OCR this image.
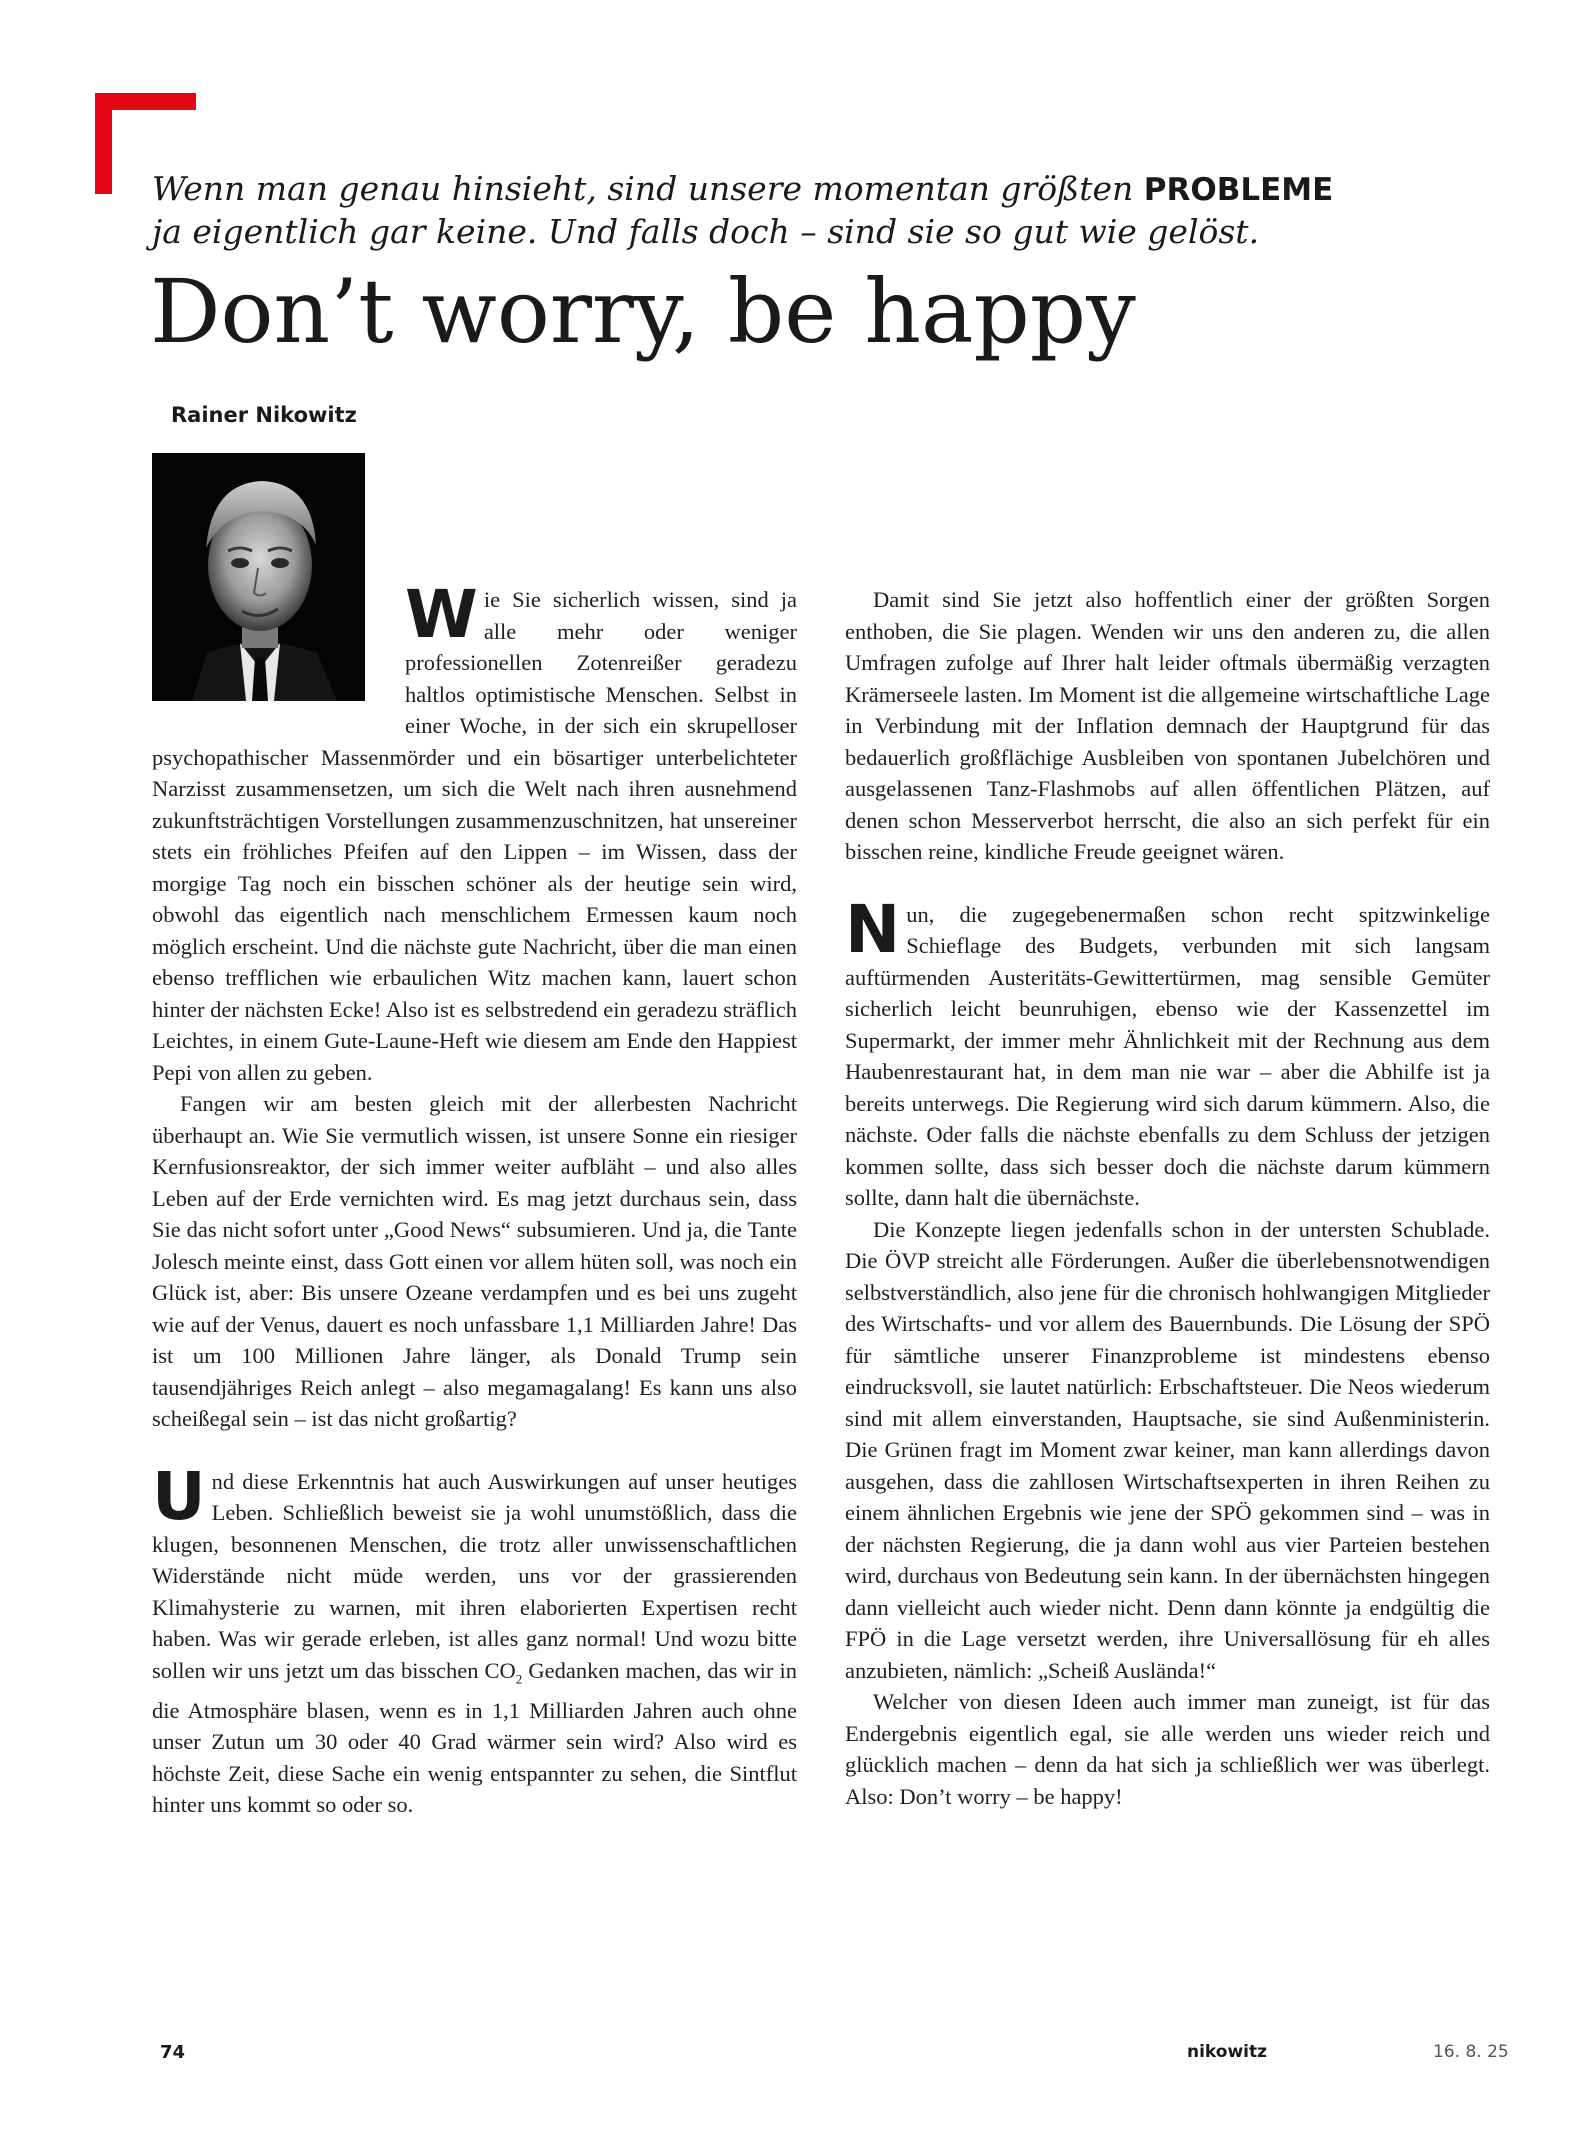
Wenn man genau hinsieht, sind unsere momentan größten PROBLEME
ja eigentlich gar keine. Und falls doch – sind sie so gut wie gelöst.
Don’t worry, be happy
Rainer Nikowitz

Wie Sie sicherlich wissen, sind ja alle mehr oder weniger professionellen Zotenreißer geradezu haltlos optimistische Menschen. Selbst in einer Woche, in der sich ein skrupelloser psychopathischer Massenmörder und ein bösartiger unterbelichteter Narzisst zusammensetzen, um sich die Welt nach ihren ausnehmend zukunftsträchtigen Vorstellungen zusammenzuschnitzen, hat unsereiner stets ein fröhliches Pfeifen auf den Lippen – im Wissen, dass der morgige Tag noch ein bisschen schöner als der heutige sein wird, obwohl das eigentlich nach menschlichem Ermessen kaum noch möglich erscheint. Und die nächste gute Nachricht, über die man einen ebenso trefflichen wie erbaulichen Witz machen kann, lauert schon hinter der nächsten Ecke! Also ist es selbstredend ein geradezu sträflich Leichtes, in einem Gute-Laune-Heft wie diesem am Ende den Happiest Pepi von allen zu geben.

Fangen wir am besten gleich mit der allerbesten Nachricht überhaupt an. Wie Sie vermutlich wissen, ist unsere Sonne ein riesiger Kernfusionsreaktor, der sich immer weiter aufbläht – und also alles Leben auf der Erde vernichten wird. Es mag jetzt durchaus sein, dass Sie das nicht sofort unter „Good News“ subsumieren. Und ja, die Tante Jolesch meinte einst, dass Gott einen vor allem hüten soll, was noch ein Glück ist, aber: Bis unsere Ozeane verdampfen und es bei uns zugeht wie auf der Venus, dauert es noch unfassbare 1,1 Milliarden Jahre! Das ist um 100 Millionen Jahre länger, als Donald Trump sein tausendjähriges Reich anlegt – also megamagalang! Es kann uns also scheißegal sein – ist das nicht großartig?

Und diese Erkenntnis hat auch Auswirkungen auf unser heutiges Leben. Schließlich beweist sie ja wohl unumstößlich, dass die klugen, besonnenen Menschen, die trotz aller unwissenschaftlichen Widerstände nicht müde werden, uns vor der grassierenden Klimahysterie zu warnen, mit ihren elaborierten Expertisen recht haben. Was wir gerade erleben, ist alles ganz normal! Und wozu bitte sollen wir uns jetzt um das bisschen $CO_2$ Gedanken machen, das wir in die Atmosphäre blasen, wenn es in 1,1 Milliarden Jahren auch ohne unser Zutun um 30 oder 40 Grad wärmer sein wird? Also wird es höchste Zeit, diese Sache ein wenig entspannter zu sehen, die Sintflut hinter uns kommt so oder so.

Damit sind Sie jetzt also hoffentlich einer der größten Sorgen enthoben, die Sie plagen. Wenden wir uns den anderen zu, die allen Umfragen zufolge auf Ihrer halt leider oftmals übermäßig verzagten Krämerseele lasten. Im Moment ist die allgemeine wirtschaftliche Lage in Verbindung mit der Inflation demnach der Hauptgrund für das bedauerlich großflächige Ausbleiben von spontanen Jubelchören und ausgelassenen Tanz-Flashmobs auf allen öffentlichen Plätzen, auf denen schon Messerverbot herrscht, die also an sich perfekt für ein bisschen reine, kindliche Freude geeignet wären.

Nun, die zugegebenermaßen schon recht spitzwinkelige Schieflage des Budgets, verbunden mit sich langsam auftürmenden Austeritäts-Gewittertürmen, mag sensible Gemüter sicherlich leicht beunruhigen, ebenso wie der Kassenzettel im Supermarkt, der immer mehr Ähnlichkeit mit der Rechnung aus dem Haubenrestaurant hat, in dem man nie war – aber die Abhilfe ist ja bereits unterwegs. Die Regierung wird sich darum kümmern. Also, die nächste. Oder falls die nächste ebenfalls zu dem Schluss der jetzigen kommen sollte, dass sich besser doch die nächste darum kümmern sollte, dann halt die übernächste.

Die Konzepte liegen jedenfalls schon in der untersten Schublade. Die ÖVP streicht alle Förderungen. Außer die überlebensnotwendigen selbstverständlich, also jene für die chronisch hohlwangigen Mitglieder des Wirtschafts- und vor allem des Bauernbunds. Die Lösung der SPÖ für sämtliche unserer Finanzprobleme ist mindestens ebenso eindrucksvoll, sie lautet natürlich: Erbschaftsteuer. Die Neos wiederum sind mit allem einverstanden, Hauptsache, sie sind Außenministerin. Die Grünen fragt im Moment zwar keiner, man kann allerdings davon ausgehen, dass die zahllosen Wirtschaftsexperten in ihren Reihen zu einem ähnlichen Ergebnis wie jene der SPÖ gekommen sind – was in der nächsten Regierung, die ja dann wohl aus vier Parteien bestehen wird, durchaus von Bedeutung sein kann. In der übernächsten hingegen dann vielleicht auch wieder nicht. Denn dann könnte ja endgültig die FPÖ in die Lage versetzt werden, ihre Universallösung für eh alles anzubieten, nämlich: „Scheiß Ausländа!“

Welcher von diesen Ideen auch immer man zuneigt, ist für das Endergebnis eigentlich egal, sie alle werden uns wieder reich und glücklich machen – denn da hat sich ja schließlich wer was überlegt. Also: Don’t worry – be happy!

74	nikowitz	16. 8. 25
